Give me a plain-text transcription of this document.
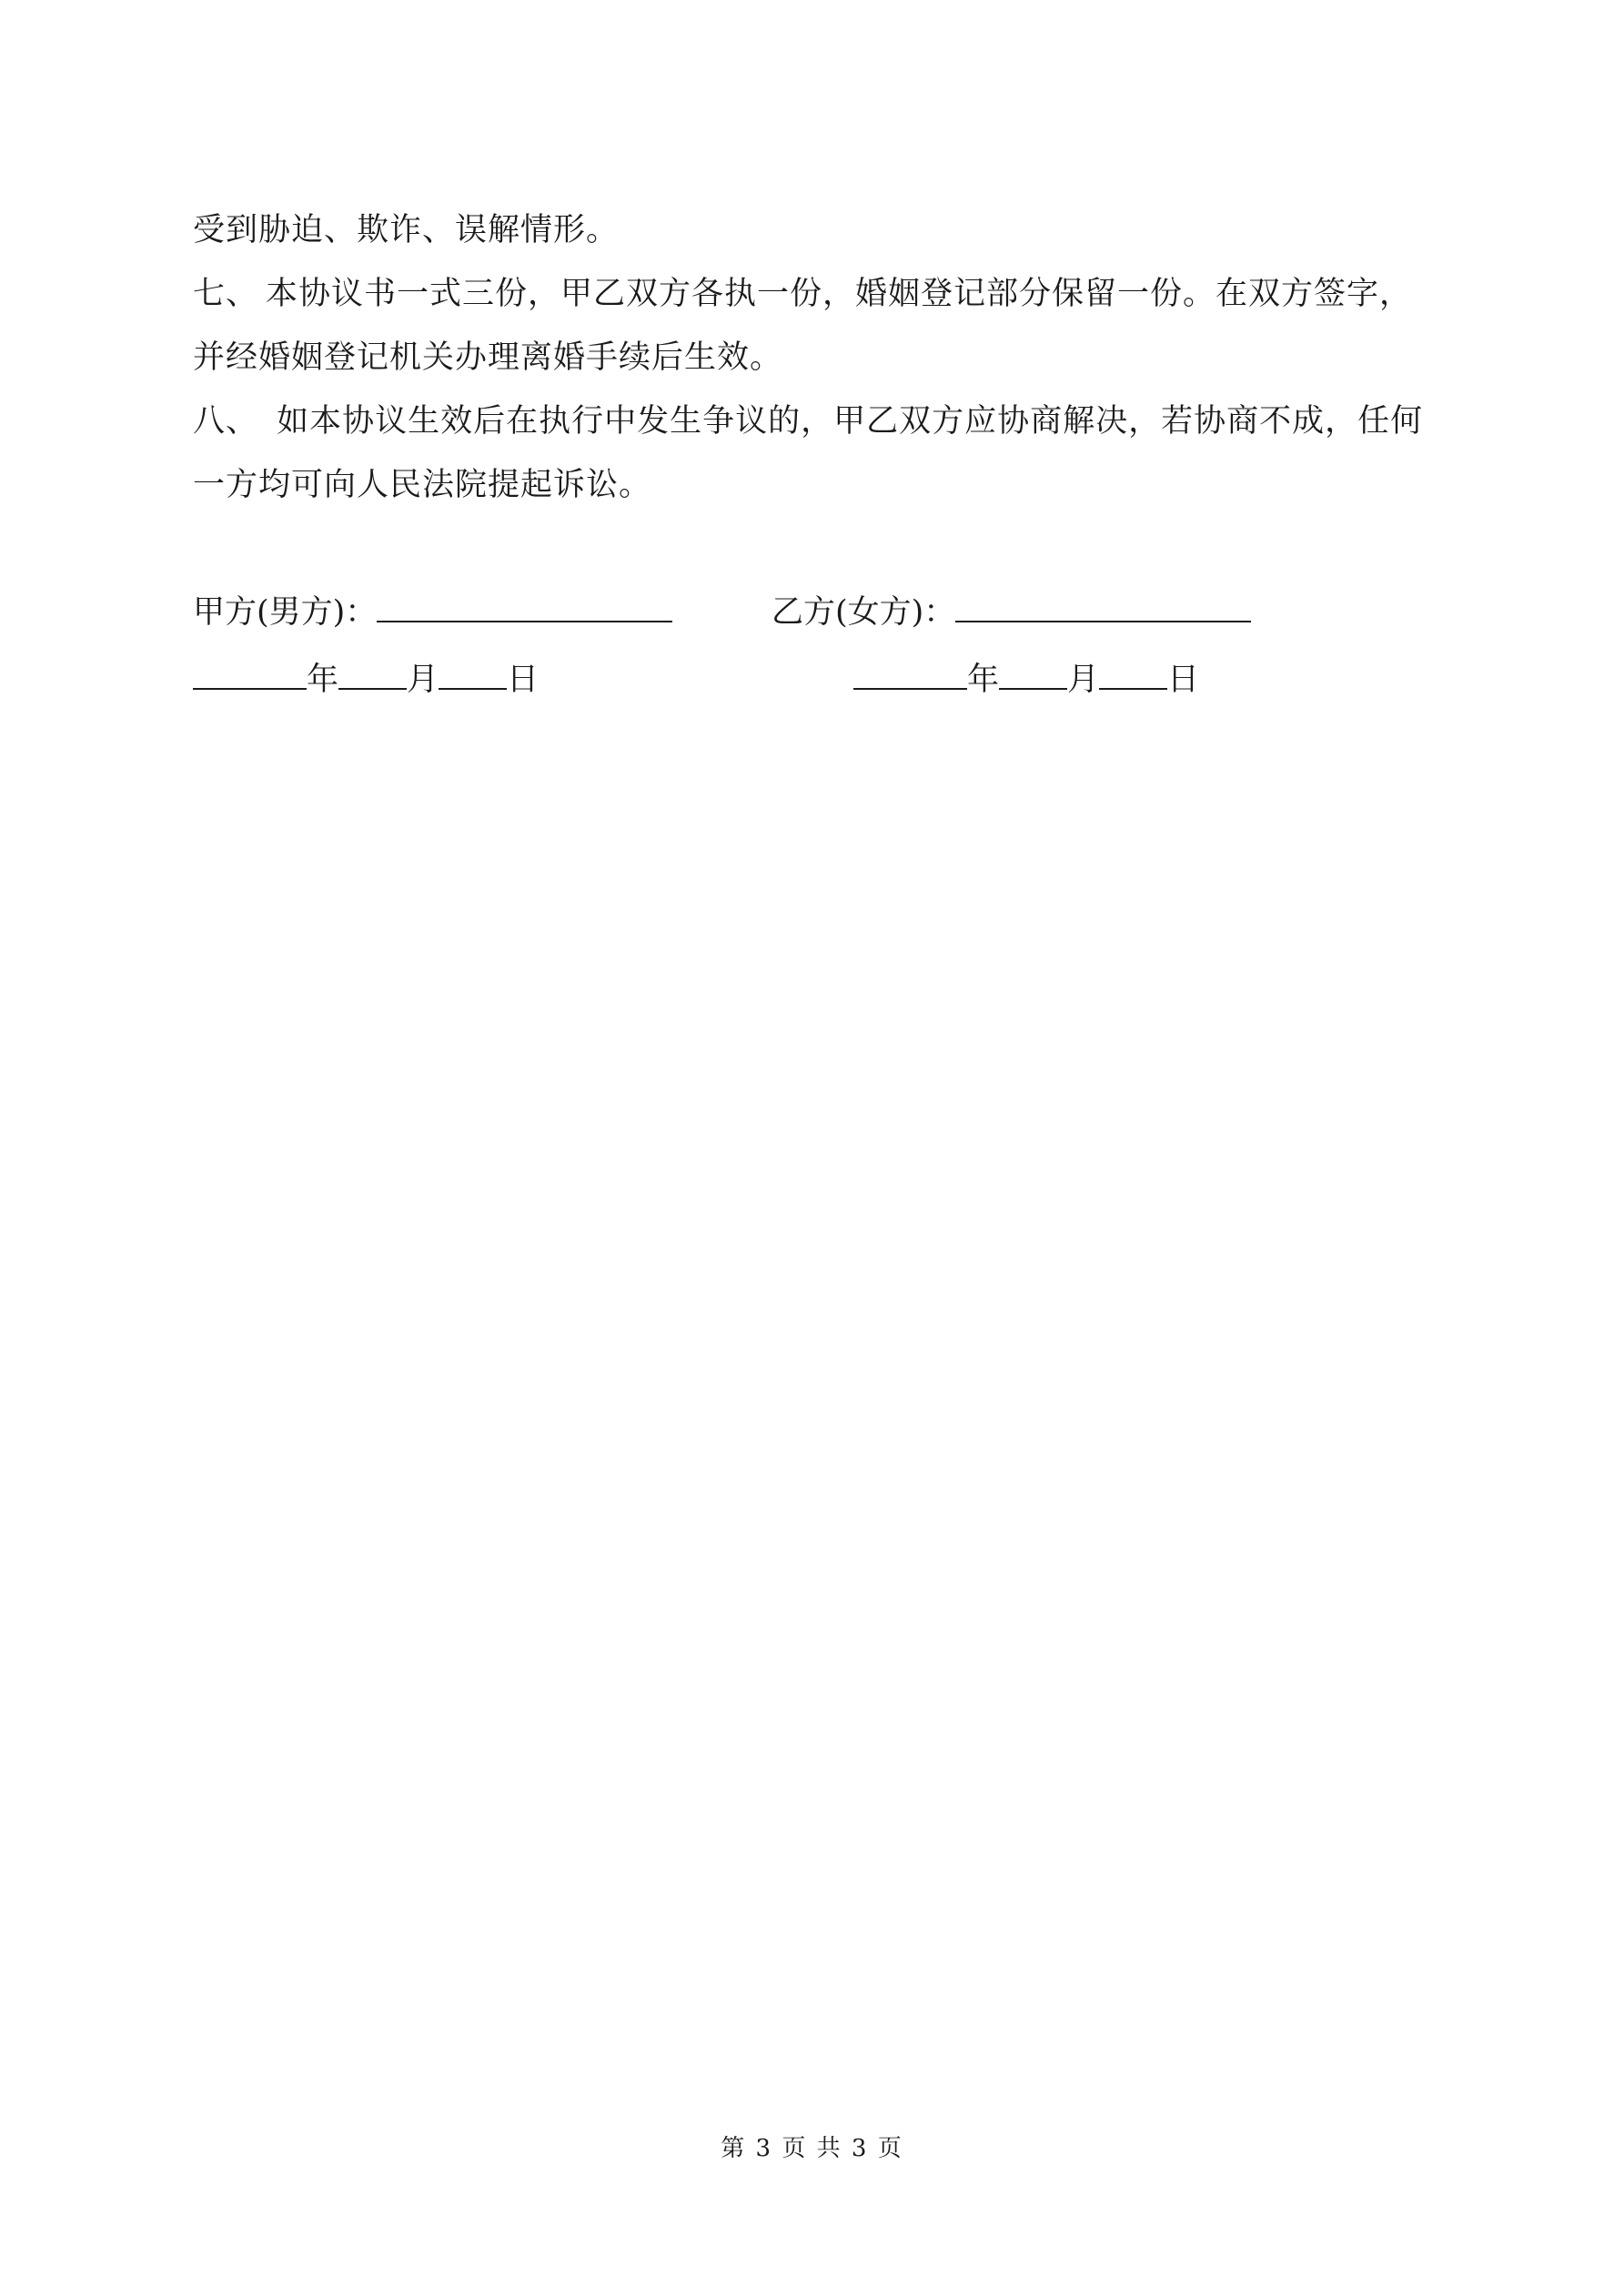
受到胁迫、欺诈、误解情形。
七、 本协议书一式三份，甲乙双方各执一份，婚姻登记部分保留一份。在双方签字，
并经婚姻登记机关办理离婚手续后生效。
八、 如本协议生效后在执行中发生争议的，甲乙双方应协商解决，若协商不成，任何
一方均可向人民法院提起诉讼。
甲方(男方)：	乙方(女方)：
年 月 日	年 月 日
第 3 页 共 3 页
